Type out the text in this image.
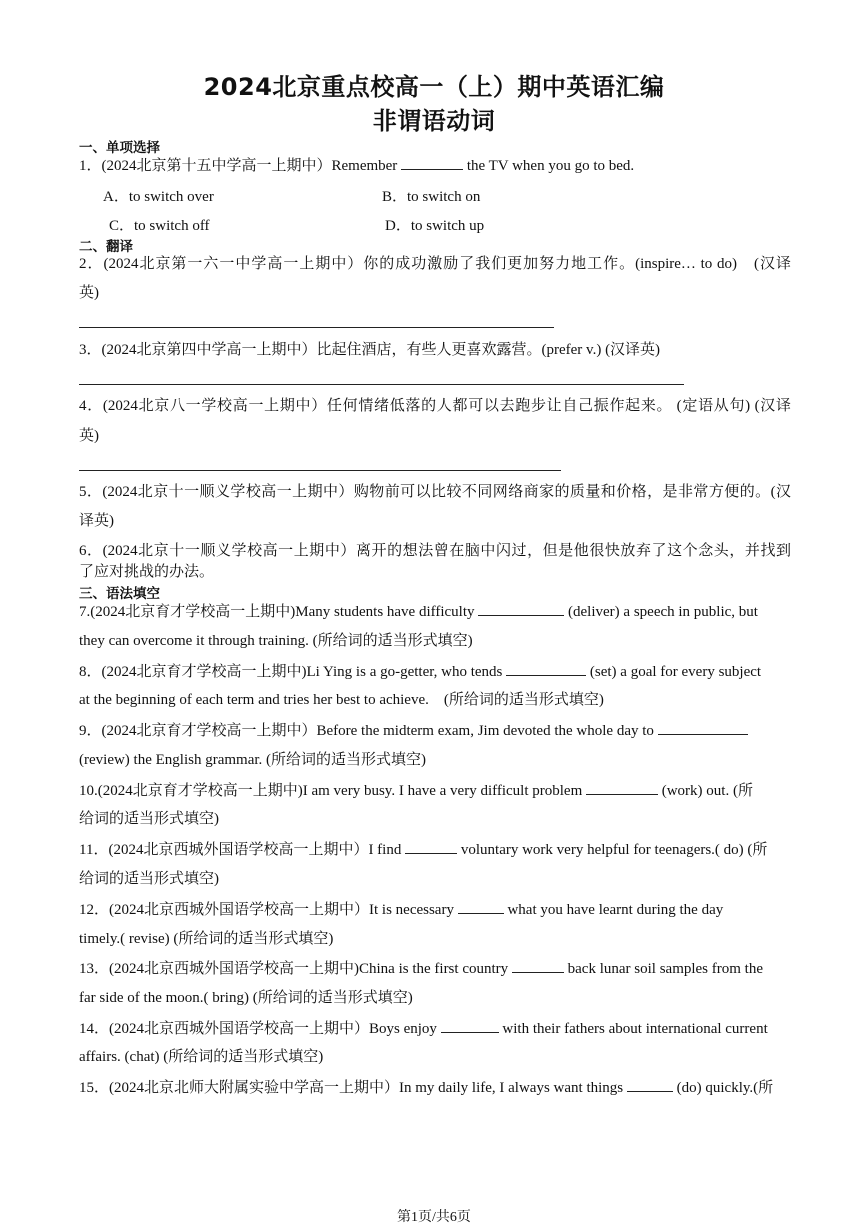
2024北京重点校高一（上）期中英语汇编
非谓语动词
一、单项选择
1．(2024北京第十五中学高一上期中）Remember	the TV when you go to bed.
A．to switch over	B．to switch on
C．to switch off	D．to switch up
二、翻译
2．(2024北京第一六一中学高一上期中）你的成功激励了我们更加努力地工作。(inspire… to do)　(汉译
英)
3．(2024北京第四中学高一上期中）比起住酒店，有些人更喜欢露营。(prefer v.) (汉译英)
4．(2024北京八一学校高一上期中）任何情绪低落的人都可以去跑步让自己振作起来。 (定语从句) (汉译
英)
5．(2024北京十一顺义学校高一上期中）购物前可以比较不同网络商家的质量和价格，是非常方便的。(汉
译英)
6．(2024北京十一顺义学校高一上期中）离开的想法曾在脑中闪过，但是他很快放弃了这个念头，并找到
了应对挑战的办法。
三、语法填空
7.(2024北京育才学校高一上期中)Many students have difficulty	(deliver) a speech in public, but
they can overcome it through training. (所给词的适当形式填空)
8．(2024北京育才学校高一上期中)Li Ying is a go-getter, who tends	(set) a goal for every subject
at the beginning of each term and tries her best to achieve.　(所给词的适当形式填空)
9．(2024北京育才学校高一上期中）Before the midterm exam, Jim devoted the whole day to
(review) the English grammar. (所给词的适当形式填空)
10.(2024北京育才学校高一上期中)I am very busy. I have a very difficult problem	(work) out. (所
给词的适当形式填空)
11．(2024北京西城外国语学校高一上期中）I find	voluntary work very helpful for teenagers.( do) (所
给词的适当形式填空)
12．(2024北京西城外国语学校高一上期中）It is necessary	what you have learnt during the day
timely.( revise) (所给词的适当形式填空)
13．(2024北京西城外国语学校高一上期中)China is the first country	back lunar soil samples from the
far side of the moon.( bring) (所给词的适当形式填空)
14．(2024北京西城外国语学校高一上期中）Boys enjoy	with their fathers about international current
affairs. (chat) (所给词的适当形式填空)
15．(2024北京北师大附属实验中学高一上期中）In my daily life, I always want things	(do) quickly.(所
第1页/共6页
